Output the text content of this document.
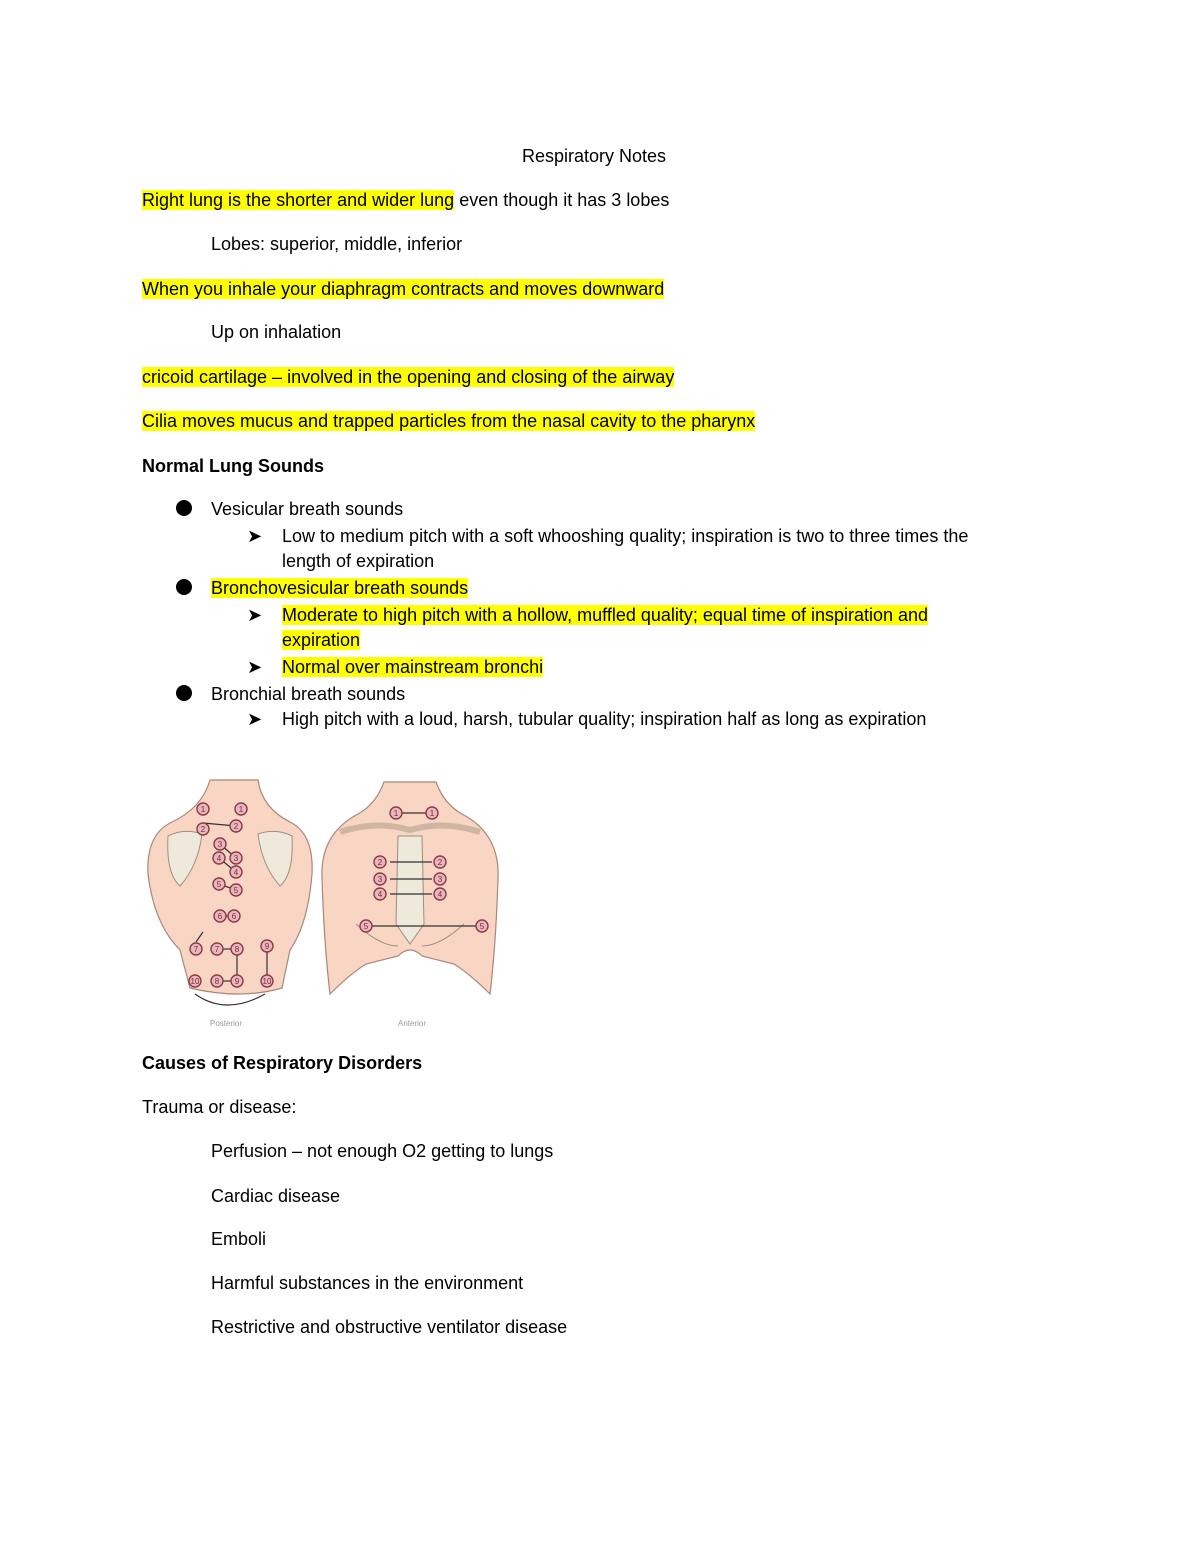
Respiratory Notes
Right lung is the shorter and wider lung even though it has 3 lobes
Lobes: superior, middle, inferior
When you inhale your diaphragm contracts and moves downward
Up on inhalation
cricoid cartilage – involved in the opening and closing of the airway
Cilia moves mucus and trapped particles from the nasal cavity to the pharynx
Normal Lung Sounds
Vesicular breath sounds
➤ Low to medium pitch with a soft whooshing quality; inspiration is two to three times the
length of expiration
Bronchovesicular breath sounds
➤ Moderate to high pitch with a hollow, muffled quality; equal time of inspiration and
expiration
➤ Normal over mainstream bronchi
Bronchial breath sounds
➤ High pitch with a loud, harsh, tubular quality; inspiration half as long as expiration
1	1
2	2
3
3
4
4
5
5
6 6
7 7 8	9
10 8 9	10
Posterior
1	1
2	2
3	3
4	4
5	5
Anterior
Causes of Respiratory Disorders
Trauma or disease:
Perfusion – not enough O2 getting to lungs
Cardiac disease
Emboli
Harmful substances in the environment
Restrictive and obstructive ventilator disease
